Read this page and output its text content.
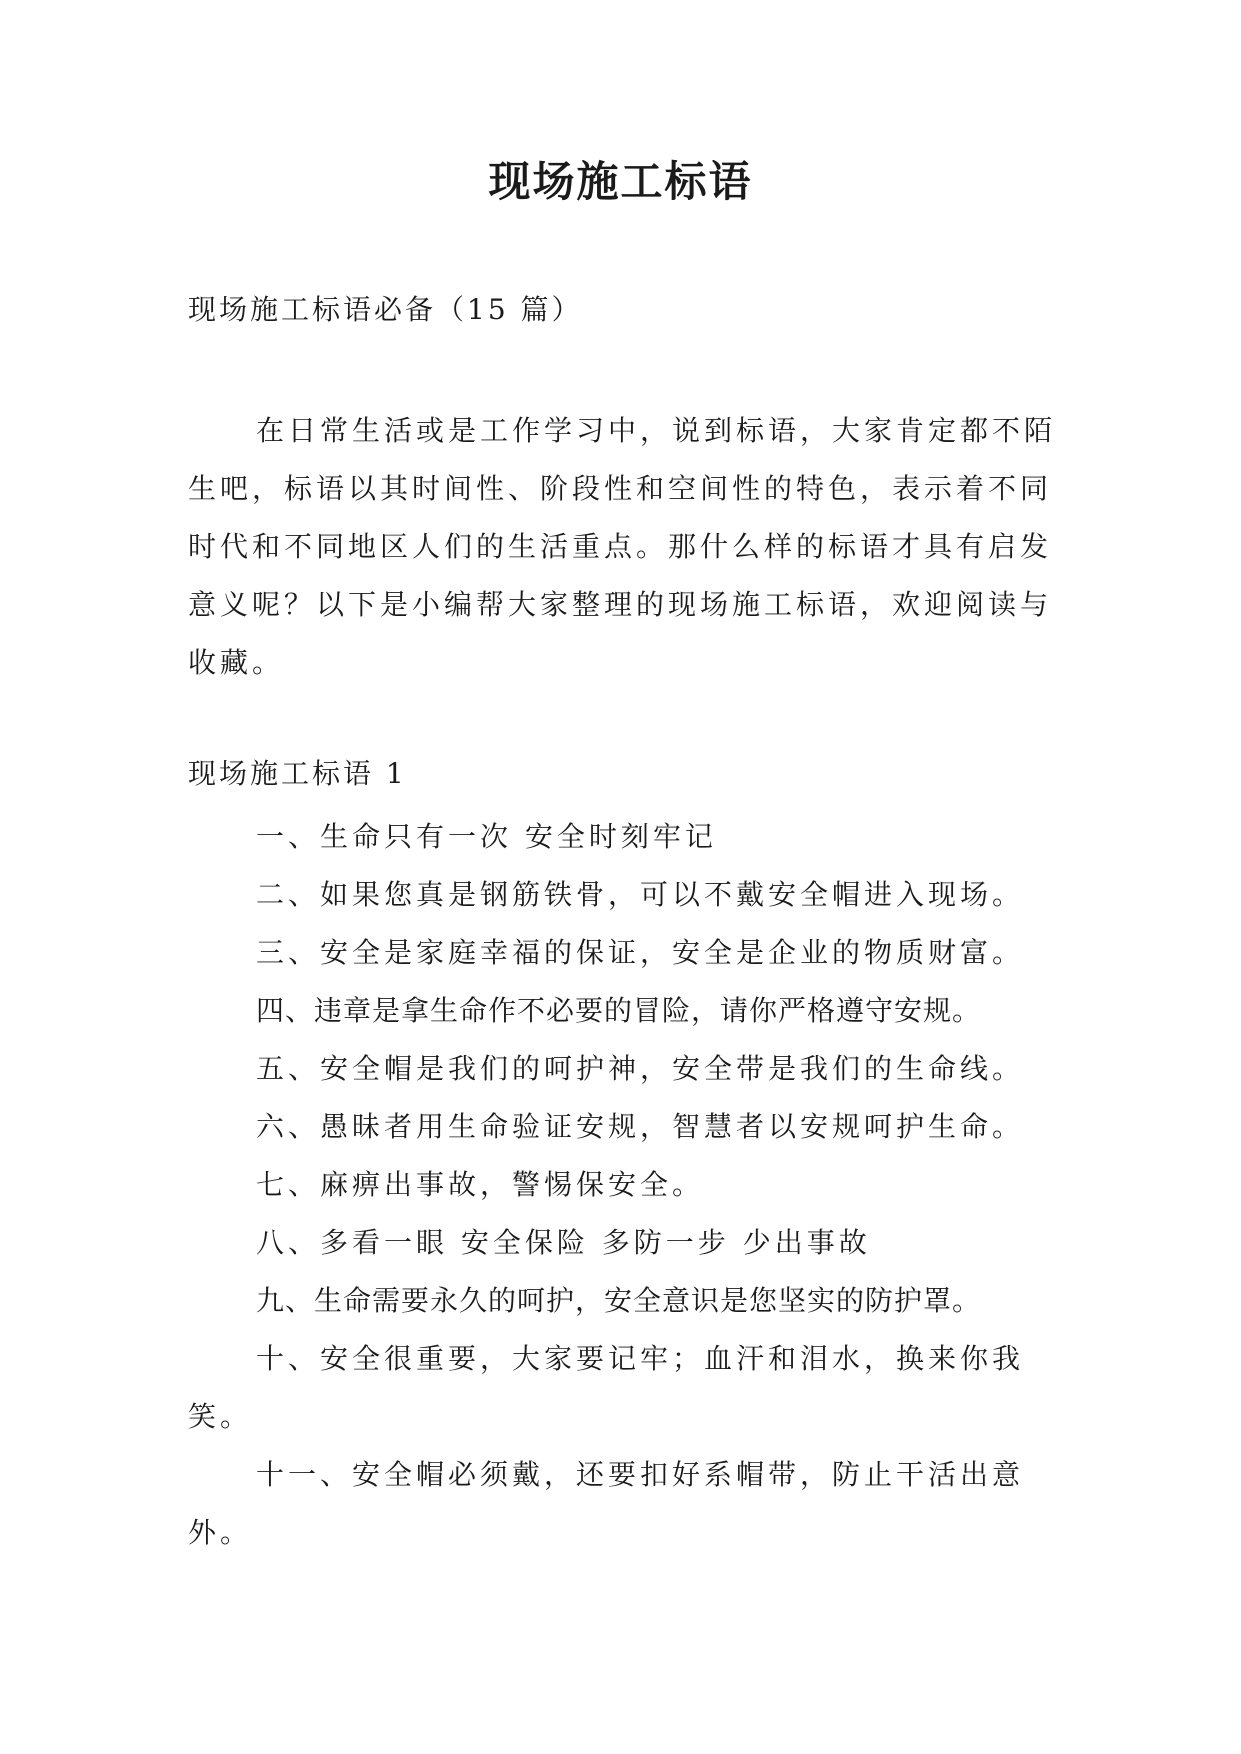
现场施工标语

现场施工标语必备（15 篇）

在日常生活或是工作学习中，说到标语，大家肯定都不陌生吧，标语以其时间性、阶段性和空间性的特色，表示着不同时代和不同地区人们的生活重点。那什么样的标语才具有启发意义呢？以下是小编帮大家整理的现场施工标语，欢迎阅读与收藏。

现场施工标语 1

一、生命只有一次 安全时刻牢记
二、如果您真是钢筋铁骨，可以不戴安全帽进入现场。
三、安全是家庭幸福的保证，安全是企业的物质财富。
四、违章是拿生命作不必要的冒险，请你严格遵守安规。
五、安全帽是我们的呵护神，安全带是我们的生命线。
六、愚昧者用生命验证安规，智慧者以安规呵护生命。
七、麻痹出事故，警惕保安全。
八、多看一眼 安全保险 多防一步 少出事故
九、生命需要永久的呵护，安全意识是您坚实的防护罩。
十、安全很重要，大家要记牢；血汗和泪水，换来你我笑。
十一、安全帽必须戴，还要扣好系帽带，防止干活出意外。
